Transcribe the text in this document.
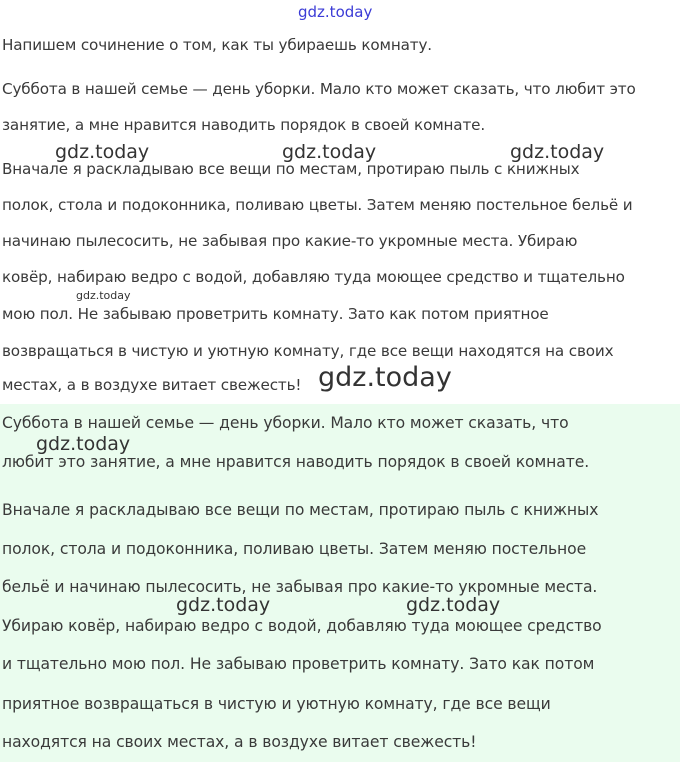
gdz.today
Напишем сочинение о том, как ты убираешь комнату.
Суббота в нашей семье — день уборки. Мало кто может сказать, что любит это
занятие, а мне нравится наводить порядок в своей комнате.
Вначале я раскладываю все вещи по местам, протираю пыль с книжных
полок, стола и подоконника, поливаю цветы. Затем меняю постельное бельё и
начинаю пылесосить, не забывая про какие-то укромные места. Убираю
ковёр, набираю ведро с водой, добавляю туда моющее средство и тщательно
мою пол. Не забываю проветрить комнату. Зато как потом приятное
возвращаться в чистую и уютную комнату, где все вещи находятся на своих
местах, а в воздухе витает свежесть!
Суббота в нашей семье — день уборки. Мало кто может сказать, что
любит это занятие, а мне нравится наводить порядок в своей комнате.
Вначале я раскладываю все вещи по местам, протираю пыль с книжных
полок, стола и подоконника, поливаю цветы. Затем меняю постельное
бельё и начинаю пылесосить, не забывая про какие-то укромные места.
Убираю ковёр, набираю ведро с водой, добавляю туда моющее средство
и тщательно мою пол. Не забываю проветрить комнату. Зато как потом
приятное возвращаться в чистую и уютную комнату, где все вещи
находятся на своих местах, а в воздухе витает свежесть!
gdz.today	gdz.today	gdz.today
gdz.today
gdz.today
gdz.today
gdz.today	gdz.today
